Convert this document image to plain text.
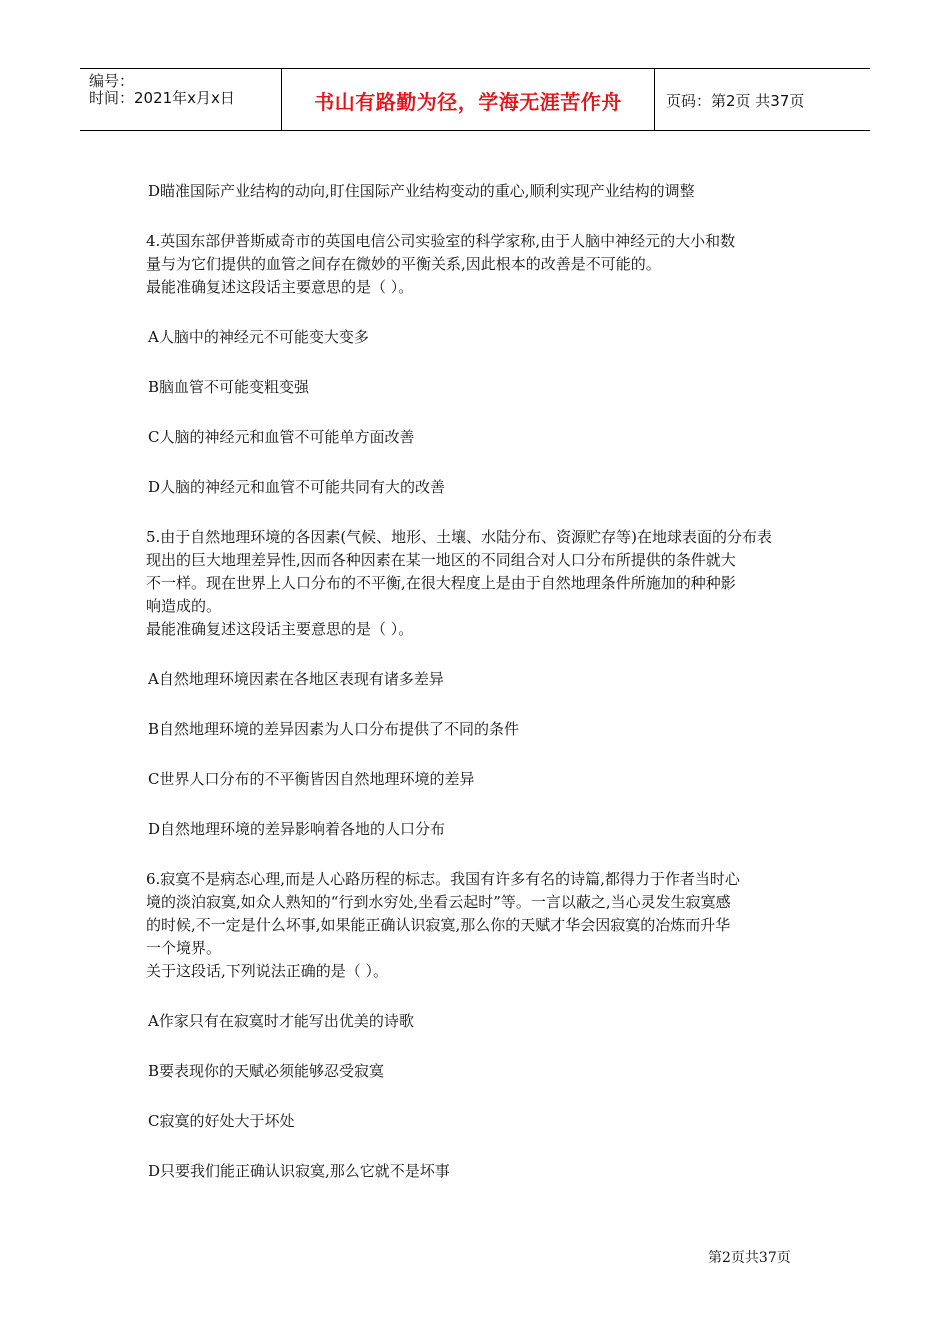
编号：
时间：2021年x月x日	书山有路勤为径，学海无涯苦作舟	页码：第2页 共37页

D瞄准国际产业结构的动向,盯住国际产业结构变动的重心,顺利实现产业结构的调整

4.英国东部伊普斯威奇市的英国电信公司实验室的科学家称,由于人脑中神经元的大小和数

量与为它们提供的血管之间存在微妙的平衡关系,因此根本的改善是不可能的。

最能准确复述这段话主要意思的是（ ）。

A人脑中的神经元不可能变大变多

B脑血管不可能变粗变强

C人脑的神经元和血管不可能单方面改善

D人脑的神经元和血管不可能共同有大的改善

5.由于自然地理环境的各因素(气候、地形、土壤、水陆分布、资源贮存等)在地球表面的分布表

现出的巨大地理差异性,因而各种因素在某一地区的不同组合对人口分布所提供的条件就大

不一样。现在世界上人口分布的不平衡,在很大程度上是由于自然地理条件所施加的种种影

响造成的。

最能准确复述这段话主要意思的是（ ）。

A自然地理环境因素在各地区表现有诸多差异

B自然地理环境的差异因素为人口分布提供了不同的条件

C世界人口分布的不平衡皆因自然地理环境的差异

D自然地理环境的差异影响着各地的人口分布

6.寂寞不是病态心理,而是人心路历程的标志。我国有许多有名的诗篇,都得力于作者当时心

境的淡泊寂寞,如众人熟知的“行到水穷处,坐看云起时”等。一言以蔽之,当心灵发生寂寞感

的时候,不一定是什么坏事,如果能正确认识寂寞,那么你的天赋才华会因寂寞的冶炼而升华

一个境界。

关于这段话,下列说法正确的是（ ）。

A作家只有在寂寞时才能写出优美的诗歌

B要表现你的天赋必须能够忍受寂寞

C寂寞的好处大于坏处

D只要我们能正确认识寂寞,那么它就不是坏事

第2页共37页
